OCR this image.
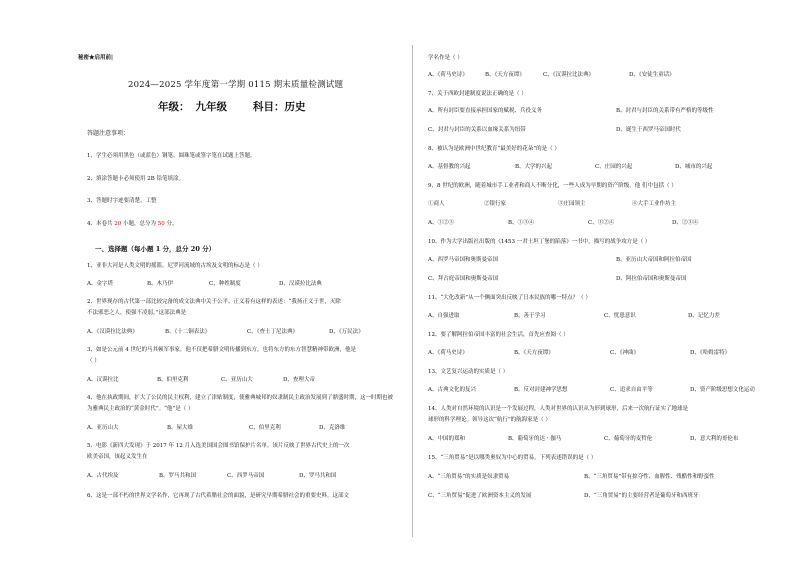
秘密★启用前|
2024—2025 学年度第一学期 0115 期末质量检测试题
年级： 九年级 科目：历史
答题注意事项：
1、学生必须用黑色（或蓝色）钢笔、圆珠笔或签字笔在试题上答题。
2、填涂答题卡必须使用 2B 铅笔填涂。
3、答题时字迹要清楚、工整
4、本卷共 20 小题，总分为 50 分。
一、选择题（每小题 1 分，总分 20 分）
1、亚非大河是人类文明的摇篮，尼罗河流域的古埃及文明的标志是（ ）
A、金字塔	B、木乃伊	C、种姓制度	D、汉谟拉比法典
2、世界现存的古代第一部比较完备的成文法典中关于公平、正义着有这样的表述：“我扬正义于世，灭除
不法邪恶之人，使强不凌弱。”这部法典是
A、《汉谟拉比法典》	B、《十二铜表法》	C、《查士丁尼法典》	D、《万民法》
3、如是公元前 4 世纪的马其顿军事家，他不仅把希腊文明传播到东方，也将东方的东方智慧精神带欧洲，他是
（ ）
A、汉谟拉比	B、伯里克利	C、亚历山大	D、查理大帝
4、他在执政期间，扩大了公民的民主权利，建立了津贴制度，使雅典城邦的奴隶制民主政治发展到了鼎盛时期，这一时期也被
为雅典民主政治的“黄金时代”。“他”是（ ）
A、亚历山大	B、屋大维	C、伯里克利	D、克洛维
5、电影《新四大发现》于 2017 年 12 月入选美国国会图书馆保护片名单。该片反映了世界古代史上的一次
欧美帝国，该起义发生在
A、古代埃及	B、罗马共和国	C、西罗马帝国	D、罗马共和国
6、这是一部不朽的世界文学名作，它再现了古代希腊社会的面貌，是研究早期希腊社会的重要史料。这部文
学名作是（ ）
A、《荷马史诗》	B、《天方夜谭》	C、《汉谟拉比法典》	D、《安徒生童话》
7、关于西欧封建制度说法正确的是（ ）
A、所有封臣要直接承担国家的赋税、兵役义务	B、封君与封臣的关系带有严格的等级性
C、封君与封臣的关系以血缘关系为纽带	D、诞生于西罗马帝国时代
8、被认为是欧洲中世纪教育“最美好的花朵”的是（ ）
A、基督教的兴起	B、大学的兴起	C、庄园的兴起	D、城市的兴起
9、8 世纪的欧洲，随着城市手工业者和商人不断分化，一些人成为早期的资产阶级。他 们中包括（ ）
①商人	②银行家	③庄园领主	④大手工业作坊主
A、①②③	B、①③④	C、①②④	D、②③④
10、作为大学出版社出版的《1453 一君士坦丁堡的陷落》一书中，描写的战争攻方是（ ）
A、西罗马帝国和奥斯曼帝国	B、亚历山大帝国和阿拉伯帝国
C、拜占庭帝国和奥斯曼帝国	D、阿拉伯帝国和奥斯曼帝国
11、“大化改新”从一个侧面突出反映了日本民族的哪一特点？（ ）
A、自强进取	B、善于学习	C、忧患意识	D、记忆力差
12、要了解阿拉伯帝国丰富的社会生活，首先应查阅（ ）
A、《荷马史诗》	B、《天方夜谭》	C、《神曲》	D、《哈姆雷特》
13、文艺复兴运动的实质是（ ）
A、古典文化的复兴	B、反对封建神学思想	C、追求自由平等	D、资产阶级思想文化运动
14、人类对自然环境的认识是一个发展过程，人类对世界的认识从为形到球形，后来一次航行证实了地球是
球形的科学理论。领导这次“航行”的航海家是（ ）
A、中国的郑和	B、葡萄牙的达 · 伽马	C、葡萄牙的麦哲伦	D、意大利的哥伦布
15、“三角贸易”是以哪类奥奴为中心的贸易，下列表述错误的是（ ）
A、“三角贸易”的实质是奴隶贸易	B、“三角贸易”带有掠夺性、血腥性、残酷性和野蛮性
C、“三角贸易”促进了欧洲资本主义的发展	D、“三角贸易”的主要经营者是葡萄牙和西班牙
